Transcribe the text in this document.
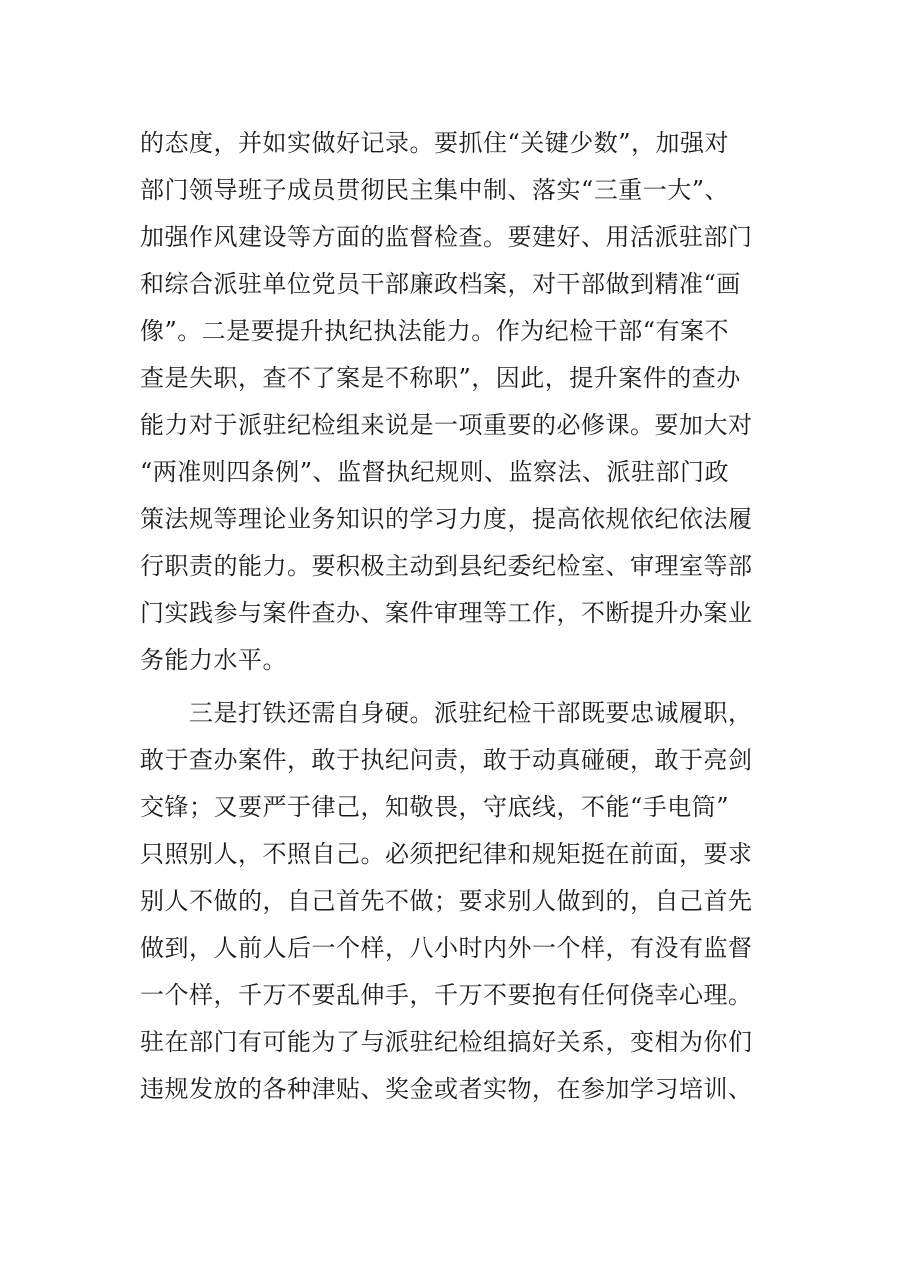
的态度，并如实做好记录。要抓住“关键少数”，加强对
部门领导班子成员贯彻民主集中制、落实“三重一大”、
加强作风建设等方面的监督检查。要建好、用活派驻部门
和综合派驻单位党员干部廉政档案，对干部做到精准“画
像”。二是要提升执纪执法能力。作为纪检干部“有案不
查是失职，查不了案是不称职”，因此，提升案件的查办
能力对于派驻纪检组来说是一项重要的必修课。要加大对
“两准则四条例”、监督执纪规则、监察法、派驻部门政
策法规等理论业务知识的学习力度，提高依规依纪依法履
行职责的能力。要积极主动到县纪委纪检室、审理室等部
门实践参与案件查办、案件审理等工作，不断提升办案业
务能力水平。
　　三是打铁还需自身硬。派驻纪检干部既要忠诚履职，
敢于查办案件，敢于执纪问责，敢于动真碰硬，敢于亮剑
交锋；又要严于律己，知敬畏，守底线，不能“手电筒”
只照别人，不照自己。必须把纪律和规矩挺在前面，要求
别人不做的，自己首先不做；要求别人做到的，自己首先
做到，人前人后一个样，八小时内外一个样，有没有监督
一个样，千万不要乱伸手，千万不要抱有任何侥幸心理。
驻在部门有可能为了与派驻纪检组搞好关系，变相为你们
违规发放的各种津贴、奖金或者实物，在参加学习培训、
